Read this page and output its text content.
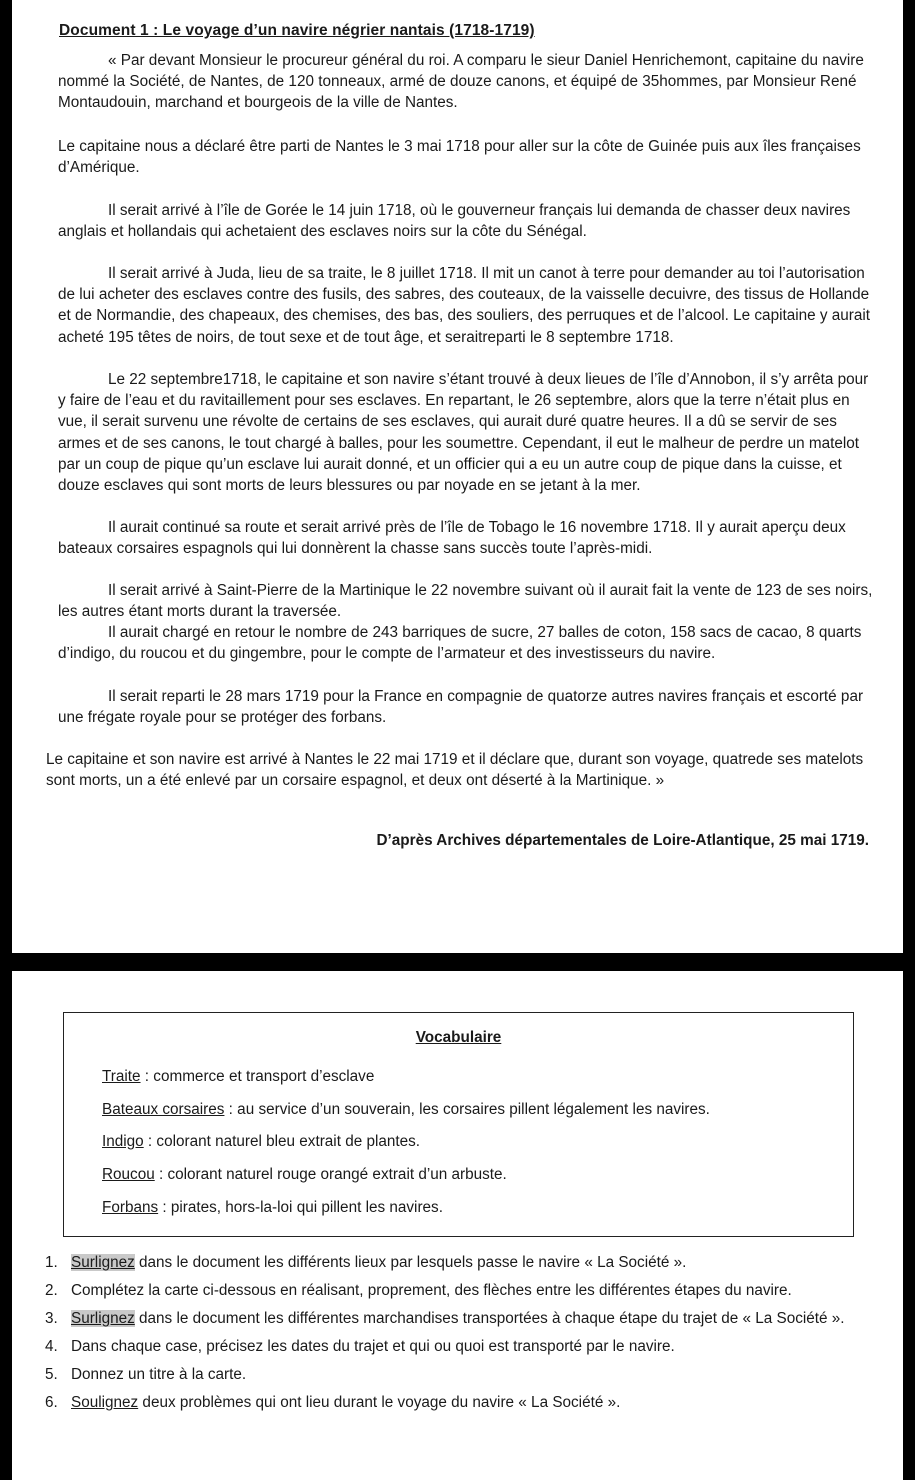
Document 1 : Le voyage d’un navire négrier nantais (1718-1719)

« Par devant Monsieur le procureur général du roi. A comparu le sieur Daniel Henrichemont, capitaine du navire nommé la Société, de Nantes, de 120 tonneaux, armé de douze canons, et équipé de 35hommes, par Monsieur René Montaudouin, marchand et bourgeois de la ville de Nantes.

Le capitaine nous a déclaré être parti de Nantes le 3 mai 1718 pour aller sur la côte de Guinée puis aux îles françaises d’Amérique.

Il serait arrivé à l’île de Gorée le 14 juin 1718, où le gouverneur français lui demanda de chasser deux navires anglais et hollandais qui achetaient des esclaves noirs sur la côte du Sénégal.

Il serait arrivé à Juda, lieu de sa traite, le 8 juillet 1718. Il mit un canot à terre pour demander au toi l’autorisation de lui acheter des esclaves contre des fusils, des sabres, des couteaux, de la vaisselle decuivre, des tissus de Hollande et de Normandie, des chapeaux, des chemises, des bas, des souliers, des perruques et de l’alcool. Le capitaine y aurait acheté 195 têtes de noirs, de tout sexe et de tout âge, et seraitreparti le 8 septembre 1718.

Le 22 septembre1718, le capitaine et son navire s’étant trouvé à deux lieues de l’île d’Annobon, il s’y arrêta pour y faire de l’eau et du ravitaillement pour ses esclaves. En repartant, le 26 septembre, alors que la terre n’était plus en vue, il serait survenu une révolte de certains de ses esclaves, qui aurait duré quatre heures. Il a dû se servir de ses armes et de ses canons, le tout chargé à balles, pour les soumettre. Cependant, il eut le malheur de perdre un matelot par un coup de pique qu’un esclave lui aurait donné, et un officier qui a eu un autre coup de pique dans la cuisse, et douze esclaves qui sont morts de leurs blessures ou par noyade en se jetant à la mer.

Il aurait continué sa route et serait arrivé près de l’île de Tobago le 16 novembre 1718. Il y aurait aperçu deux bateaux corsaires espagnols qui lui donnèrent la chasse sans succès toute l’après-midi.

Il serait arrivé à Saint-Pierre de la Martinique le 22 novembre suivant où il aurait fait la vente de 123 de ses noirs, les autres étant morts durant la traversée.

Il aurait chargé en retour le nombre de 243 barriques de sucre, 27 balles de coton, 158 sacs de cacao, 8 quarts d’indigo, du roucou et du gingembre, pour le compte de l’armateur et des investisseurs du navire.

Il serait reparti le 28 mars 1719 pour la France en compagnie de quatorze autres navires français et escorté par une frégate royale pour se protéger des forbans.

Le capitaine et son navire est arrivé à Nantes le 22 mai 1719 et il déclare que, durant son voyage, quatrede ses matelots sont morts, un a été enlevé par un corsaire espagnol, et deux ont déserté à la Martinique. »

D’après Archives départementales de Loire-Atlantique, 25 mai 1719.
Vocabulaire
Traite : commerce et transport d’esclave
Bateaux corsaires : au service d’un souverain, les corsaires pillent légalement les navires.
Indigo : colorant naturel bleu extrait de plantes.
Roucou : colorant naturel rouge orangé extrait d’un arbuste.
Forbans : pirates, hors-la-loi qui pillent les navires.
1. Surlignez dans le document les différents lieux par lesquels passe le navire « La Société ».
2. Complétez la carte ci-dessous en réalisant, proprement, des flèches entre les différentes étapes du navire.
3. Surlignez dans le document les différentes marchandises transportées à chaque étape du trajet de « La Société ».
4. Dans chaque case, précisez les dates du trajet et qui ou quoi est transporté par le navire.
5. Donnez un titre à la carte.
6. Soulignez deux problèmes qui ont lieu durant le voyage du navire « La Société ».
